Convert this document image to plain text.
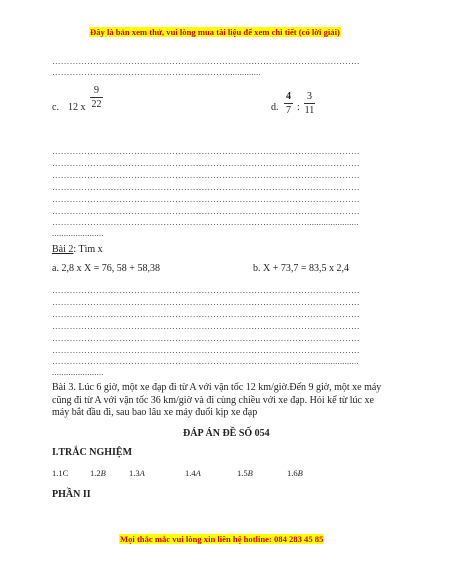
Đây là bản xem thử, vui lòng mua tài liệu để xem chi tiết (có lời giải)
……………………………………………………………………………………………
……………………………………………………..............
c. 12 x
9
22	d.
4
7 :
3
11
……………………………………………………………………………………………
……………………………………………………………………………………………
……………………………………………………………………………………………
……………………………………………………………………………………………
……………………………………………………………………………………………
……………………………………………………………………………………………
……………………………………………………………………………......................
......................
Bài 2: Tìm x
a. 2,8 x X = 76, 58 + 58,38	b. X + 73,7 = 83,5 x 2,4
……………………………………………………………………………………………
……………………………………………………………………………………………
……………………………………………………………………………………………
……………………………………………………………………………………………
……………………………………………………………………………………………
……………………………………………………………………………………………
……………………………………………………………………………......................
......................
Bài 3. Lúc 6 giờ, một xe đạp đi từ A với vận tốc 12 km/giờ.Đến 9 giờ, một xe máy
cũng đi từ A với vận tốc 36 km/giờ và đi cùng chiều với xe đạp. Hỏi kể từ lúc xe
máy bắt đầu đi, sau bao lâu xe máy đuổi kịp xe đạp
ĐÁP ÁN ĐỀ SỐ 054
I.TRẮC NGHIỆM
1.1C	1.2B	1.3A	1.4A	1.5B	1.6B
PHẦN II
Mọi thắc mắc vui lòng xin liên hệ hotline: 084 283 45 85
